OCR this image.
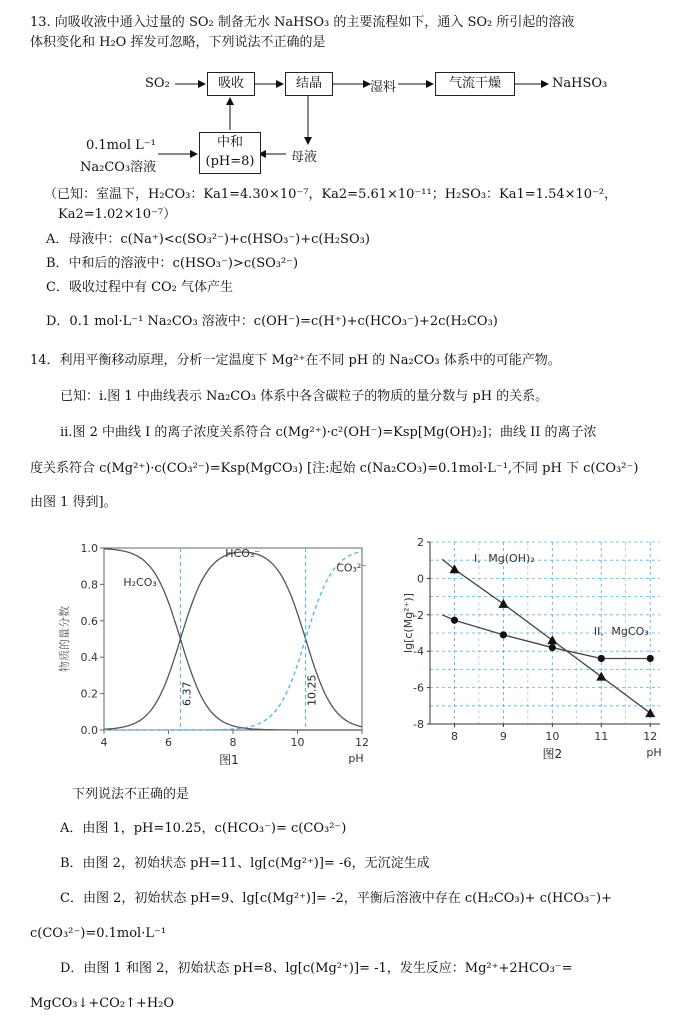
13. 向吸收液中通入过量的 SO₂ 制备无水 NaHSO₃ 的主要流程如下，通入 SO₂ 所引起的溶液
体积变化和 H₂O 挥发可忽略，下列说法不正确的是
SO₂	吸收	结晶	湿料	气流干燥	NaHSO₃
0.1mol L⁻¹
Na₂CO₃溶液
中和
(pH=8)	母液
（已知：室温下，H₂CO₃：Ka1=4.30×10⁻⁷，Ka2=5.61×10⁻¹¹；H₂SO₃：Ka1=1.54×10⁻²，
Ka2=1.02×10⁻⁷）
A．母液中：c(Na⁺)<c(SO₃²⁻)+c(HSO₃⁻)+c(H₂SO₃)
B．中和后的溶液中：c(HSO₃⁻)>c(SO₃²⁻)
C．吸收过程中有 CO₂ 气体产生
D．0.1 mol·L⁻¹ Na₂CO₃ 溶液中：c(OH⁻)=c(H⁺)+c(HCO₃⁻)+2c(H₂CO₃)
14．利用平衡移动原理，分析一定温度下 Mg²⁺在不同 pH 的 Na₂CO₃ 体系中的可能产物。
已知：i.图 1 中曲线表示 Na₂CO₃ 体系中各含碳粒子的物质的量分数与 pH 的关系。
ii.图 2 中曲线 I 的离子浓度关系符合 c(Mg²⁺)·c²(OH⁻)=Ksp[Mg(OH)₂]；曲线 II 的离子浓
度关系符合 c(Mg²⁺)·c(CO₃²⁻)=Ksp(MgCO₃) [注:起始 c(Na₂CO₃)=0.1mol·L⁻¹,不同 pH 下 c(CO₃²⁻)
由图 1 得到]。
4	6	8	10	12
0.0
0.2
0.4
0.6
0.8
1.0
6.37	10.25
H₂CO₃
HCO₃⁻
CO₃²⁻
物质的量分数
pH
图1
2
0
-2
-4
-6
-8
8	9	10	11	12
I．Mg(OH)₂
II．MgCO₃
lg[c(Mg²⁺)]
pH
图2
下列说法不正确的是
A．由图 1，pH=10.25，c(HCO₃⁻)= c(CO₃²⁻)
B．由图 2，初始状态 pH=11、lg[c(Mg²⁺)]= -6，无沉淀生成
C．由图 2，初始状态 pH=9、lg[c(Mg²⁺)]= -2，平衡后溶液中存在 c(H₂CO₃)+ c(HCO₃⁻)+
c(CO₃²⁻)=0.1mol·L⁻¹
D．由图 1 和图 2，初始状态 pH=8、lg[c(Mg²⁺)]= -1，发生反应：Mg²⁺+2HCO₃⁻=
MgCO₃↓+CO₂↑+H₂O
